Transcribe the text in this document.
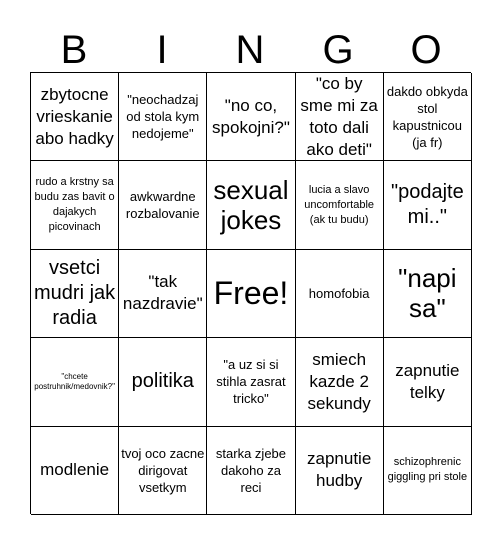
B	I	N	G	O
zbytocne vrieskanie abo hadky
"neochadzaj od stola kym nedojeme"
"no co, spokojni?"
"co by sme mi za toto dali ako deti"
dakdo obkyda stol kapustnicou (ja fr)
rudo a krstny sa budu zas bavit o dajakych picovinach
awkwardne rozbalovanie
sexual jokes
lucia a slavo uncomfortable (ak tu budu)
"podajte mi.."
vsetci mudri jak radia
"tak nazdravie" Free! homofobia	"napi sa"
"chcete postruhnik/medovnik?" politika
"a uz si si stihla zasrat tricko"
smiech kazde 2 sekundy
zapnutie telky
modlenie
tvoj oco zacne dirigovat vsetkym
starka zjebe dakoho za reci
zapnutie hudby
schizophrenic giggling pri stole
